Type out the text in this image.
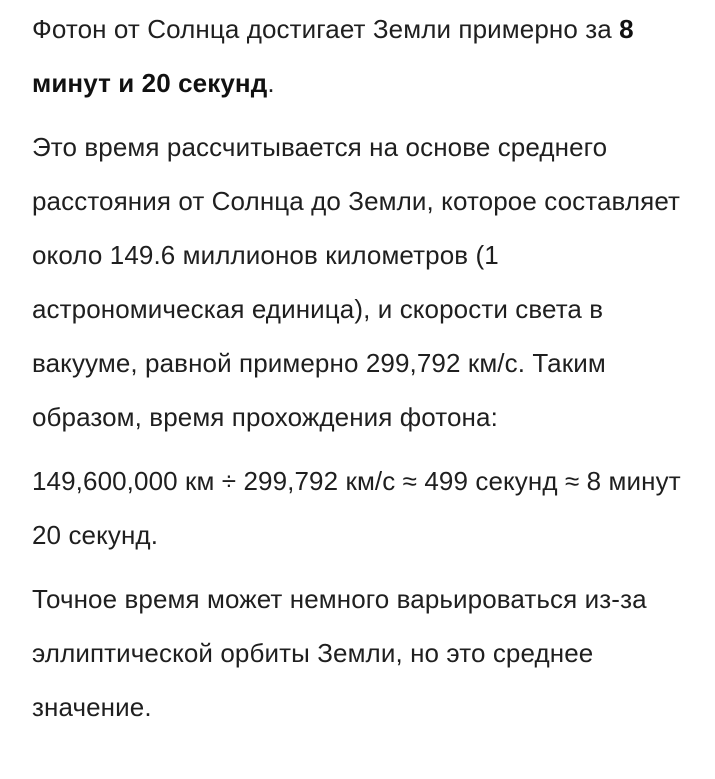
Фотон от Солнца достигает Земли примерно за 8 минут и 20 секунд.

Это время рассчитывается на основе среднего расстояния от Солнца до Земли, которое составляет около 149.6 миллионов километров (1 астрономическая единица), и скорости света в вакууме, равной примерно 299,792 км/с. Таким образом, время прохождения фотона:

149,600,000 км ÷ 299,792 км/с ≈ 499 секунд ≈ 8 минут 20 секунд.

Точное время может немного варьироваться из-за эллиптической орбиты Земли, но это среднее значение.
